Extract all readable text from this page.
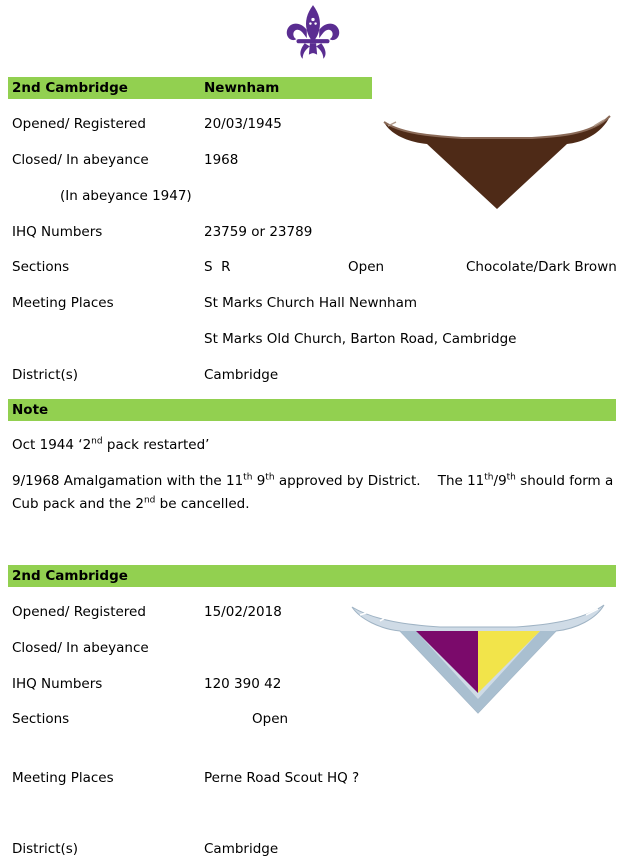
2nd Cambridge	Newnham
Opened/ Registered	20/03/1945
Closed/ In abeyance	1968
(In abeyance 1947)
IHQ Numbers	23759 or 23789
Sections	S  R	Open	Chocolate/Dark Brown
Meeting Places	St Marks Church Hall Newnham
St Marks Old Church, Barton Road, Cambridge
District(s)	Cambridge
Note
Oct 1944 ‘2nd pack restarted’
9/1968 Amalgamation with the 11th 9th approved by District.    The 11th/9th should form a
Cub pack and the 2nd be cancelled.
2nd Cambridge
Opened/ Registered	15/02/2018
Closed/ In abeyance
IHQ Numbers	120 390 42
Sections	Open
Meeting Places	Perne Road Scout HQ ?
District(s)	Cambridge
